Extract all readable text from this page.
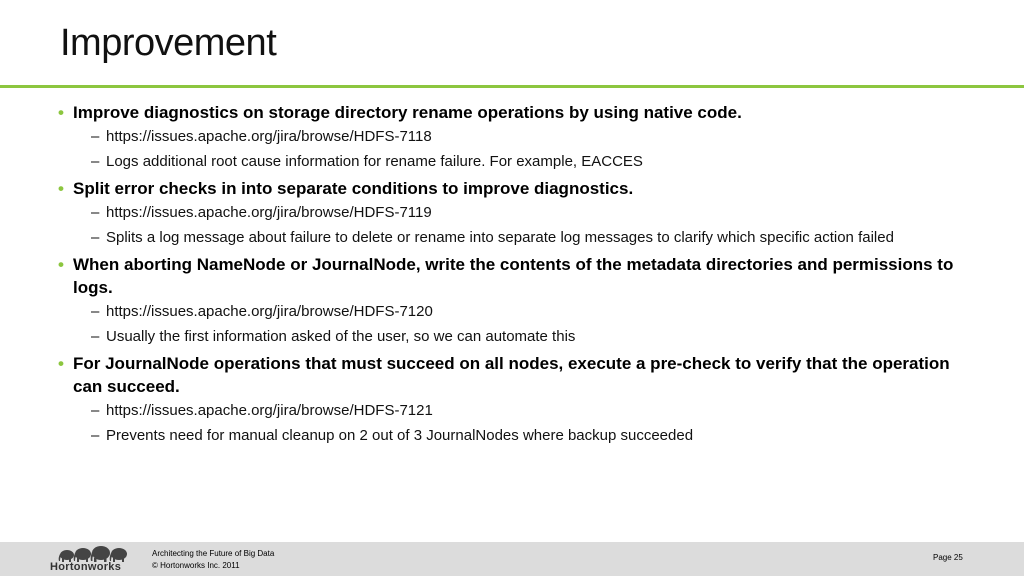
Improvement
• Improve diagnostics on storage directory rename operations by using native code.
– https://issues.apache.org/jira/browse/HDFS-7118
– Logs additional root cause information for rename failure. For example, EACCES
• Split error checks in into separate conditions to improve diagnostics.
– https://issues.apache.org/jira/browse/HDFS-7119
– Splits a log message about failure to delete or rename into separate log messages to clarify which specific action failed
• When aborting NameNode or JournalNode, write the contents of the metadata directories and permissions to logs.
– https://issues.apache.org/jira/browse/HDFS-7120
– Usually the first information asked of the user, so we can automate this
• For JournalNode operations that must succeed on all nodes, execute a pre-check to verify that the operation can succeed.
– https://issues.apache.org/jira/browse/HDFS-7121
– Prevents need for manual cleanup on 2 out of 3 JournalNodes where backup succeeded
Hortonworks
Architecting the Future of Big Data
© Hortonworks Inc. 2011
Page 25
